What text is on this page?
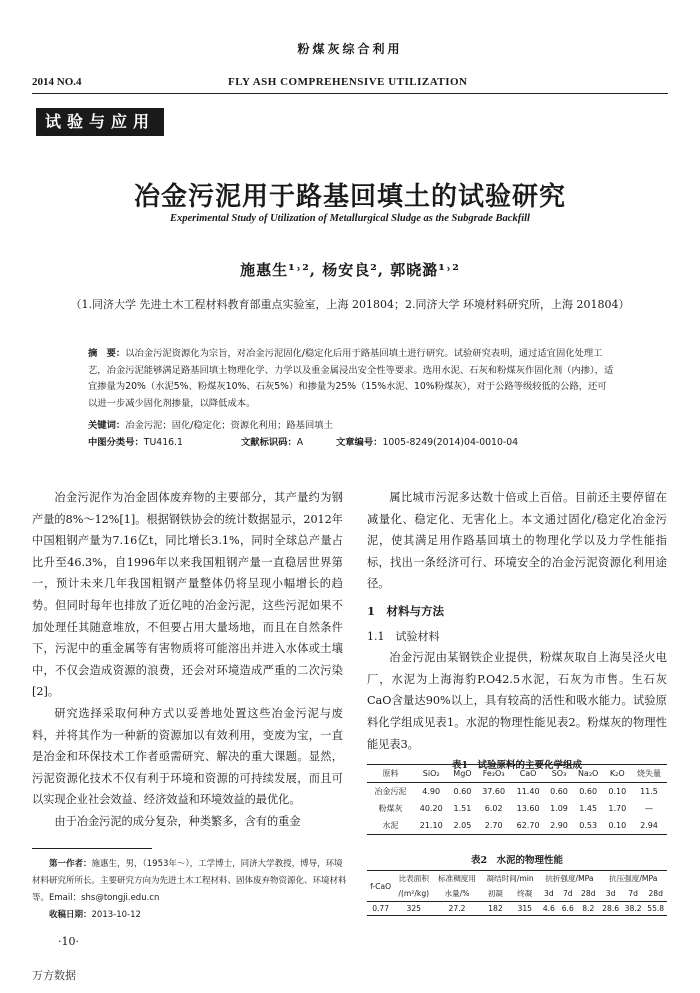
粉煤灰综合利用
2014 NO.4	FLY ASH COMPREHENSIVE UTILIZATION
试验与应用
冶金污泥用于路基回填土的试验研究
Experimental Study of Utilization of Metallurgical Sludge as the Subgrade Backfill
施惠生¹˒², 杨安良², 郭晓潞¹˒²
（1.同济大学 先进土木工程材料教育部重点实验室，上海 201804；2.同济大学 环境材料研究所，上海 201804）
摘　要：以冶金污泥资源化为宗旨，对冶金污泥固化/稳定化后用于路基回填土进行研究。试验研究表明，通过适宜固化处理工艺，冶金污泥能够满足路基回填土物理化学、力学以及重金属浸出安全性等要求。选用水泥、石灰和粉煤灰作固化剂（内掺），适宜掺量为20%（水泥5%、粉煤灰10%、石灰5%）和掺量为25%（15%水泥、10%粉煤灰），对于公路等级较低的公路，还可以进一步减少固化剂掺量，以降低成本。
关键词：冶金污泥；固化/稳定化；资源化利用；路基回填土
中图分类号：TU416.1	文献标识码：A	文章编号：1005-8249(2014)04-0010-04

冶金污泥作为冶金固体废弃物的主要部分，其产量约为钢产量的8%～12%[1]。根据钢铁协会的统计数据显示，2012年中国粗钢产量为7.16亿t，同比增长3.1%，同时全球总产量占比升至46.3%，自1996年以来我国粗钢产量一直稳居世界第一，预计未来几年我国粗钢产量整体仍将呈现小幅增长的趋势。但同时每年也排放了近亿吨的冶金污泥，这些污泥如果不加处理任其随意堆放，不但要占用大量场地，而且在自然条件下，污泥中的重金属等有害物质将可能溶出并进入水体或土壤中，不仅会造成资源的浪费，还会对环境造成严重的二次污染[2]。

研究选择采取何种方式以妥善地处置这些冶金污泥与废料，并将其作为一种新的资源加以有效利用，变废为宝，一直是冶金和环保技术工作者亟需研究、解决的重大课题。显然，污泥资源化技术不仅有利于环境和资源的可持续发展，而且可以实现企业社会效益、经济效益和环境效益的最优化。

由于冶金污泥的成分复杂，种类繁多，含有的重金

属比城市污泥多达数十倍或上百倍。目前还主要停留在减量化、稳定化、无害化上。本文通过固化/稳定化冶金污泥，使其满足用作路基回填土的物理化学以及力学性能指标，找出一条经济可行、环境安全的冶金污泥资源化利用途径。

1　材料与方法

1.1　试验材料

冶金污泥由某钢铁企业提供，粉煤灰取自上海吴泾火电厂，水泥为上海海豹P.O42.5水泥，石灰为市售。生石灰CaO含量达90%以上，具有较高的活性和吸水能力。试验原料化学组成见表1。水泥的物理性能见表2。粉煤灰的物理性能见表3。

表1　试验原料的主要化学组成

原料	SiO₂	MgO	Fe₂O₃	CaO	SO₃	Na₂O	K₂O	烧失量
冶金污泥	4.90	0.60	37.60	11.40	0.60	0.60	0.10	11.5
粉煤灰	40.20	1.51	6.02	13.60	1.09	1.45	1.70	—
水泥	21.10	2.05	2.70	62.70	2.90	0.53	0.10	2.94
表2　水泥的物理性能
f-CaO	比表面积	标准稠度用	凝结时间/min		抗折强度/MPa			抗压强度/MPa		
	/(m²/kg)	水量/%	初凝	终凝	3d	7d	28d	3d	7d	28d
0.77	325	27.2	182	315	4.6	6.6	8.2	28.6	38.2	55.8
第一作者：施惠生，男，（1953年～），工学博士，同济大学教授，博导，环境材料研究所所长。主要研究方向为先进土木工程材料、固体废弃物资源化、环境材料等。Email：shs@tongji.edu.cn
收稿日期：2013-10-12
·10·
万方数据
